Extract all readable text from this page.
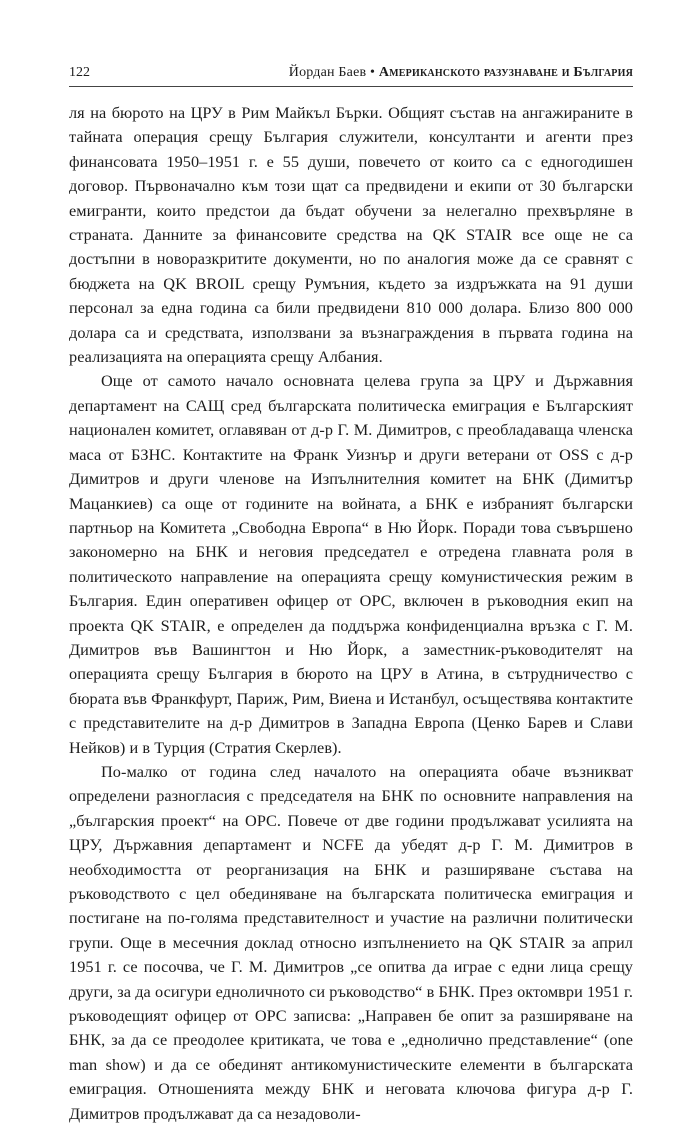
122	Йордан Баев • Американското разузнаване и България

ля на бюрото на ЦРУ в Рим Майкъл Бърки. Общият състав на ангажираните в тайната операция срещу България служители, консултанти и агенти през финансовата 1950–1951 г. е 55 души, повечето от които са с едногодишен договор. Първоначално към този щат са предвидени и екипи от 30 български емигранти, които предстои да бъдат обучени за нелегално прехвърляне в страната. Данните за финансовите средства на QK STAIR все още не са достъпни в новоразкритите документи, но по аналогия може да се сравнят с бюджета на QK BROIL срещу Румъния, където за издръжката на 91 души персонал за една година са били предвидени 810 000 долара. Близо 800 000 долара са и средствата, използвани за възнаграждения в първата година на реализацията на операцията срещу Албания.

Още от самото начало основната целева група за ЦРУ и Държавния департамент на САЩ сред българската политическа емиграция е Българският национален комитет, оглавяван от д-р Г. М. Димитров, с преобладаваща членска маса от БЗНС. Контактите на Франк Уизнър и други ветерани от OSS с д-р Димитров и други членове на Изпълнителния комитет на БНК (Димитър Мацанкиев) са още от годините на войната, а БНК е избраният български партньор на Комитета „Свободна Европа“ в Ню Йорк. Поради това съвършено закономерно на БНК и неговия председател е отредена главната роля в политическото направление на операцията срещу комунистическия режим в България. Един оперативен офицер от OPC, включен в ръководния екип на проекта QK STAIR, е определен да поддържа конфиденциална връзка с Г. М. Димитров във Вашингтон и Ню Йорк, а заместник-ръководителят на операцията срещу България в бюрото на ЦРУ в Атина, в сътрудничество с бюрата във Франкфурт, Париж, Рим, Виена и Истанбул, осъществява контактите с представителите на д-р Димитров в Западна Европа (Ценко Барев и Слави Нейков) и в Турция (Стратия Скерлев).

По-малко от година след началото на операцията обаче възникват определени разногласия с председателя на БНК по основните направления на „българския проект“ на OPC. Повече от две години продължават усилията на ЦРУ, Държавния департамент и NCFE да убедят д-р Г. М. Димитров в необходимостта от реорганизация на БНК и разширяване състава на ръководството с цел обединяване на българската политическа емиграция и постигане на по-голяма представителност и участие на различни политически групи. Още в месечния доклад относно изпълнението на QK STAIR за април 1951 г. се посочва, че Г. М. Димитров „се опитва да играе с едни лица срещу други, за да осигури едноличното си ръководство“ в БНК. През октомври 1951 г. ръководещият офицер от OPC записва: „Направен бе опит за разширяване на БНК, за да се преодолее критиката, че това е „еднолично представление“ (one man show) и да се обединят антикомунистическите елементи в българската емиграция. Отношенията между БНК и неговата ключова фигура д-р Г. Димитров продължават да са незадоволи-
